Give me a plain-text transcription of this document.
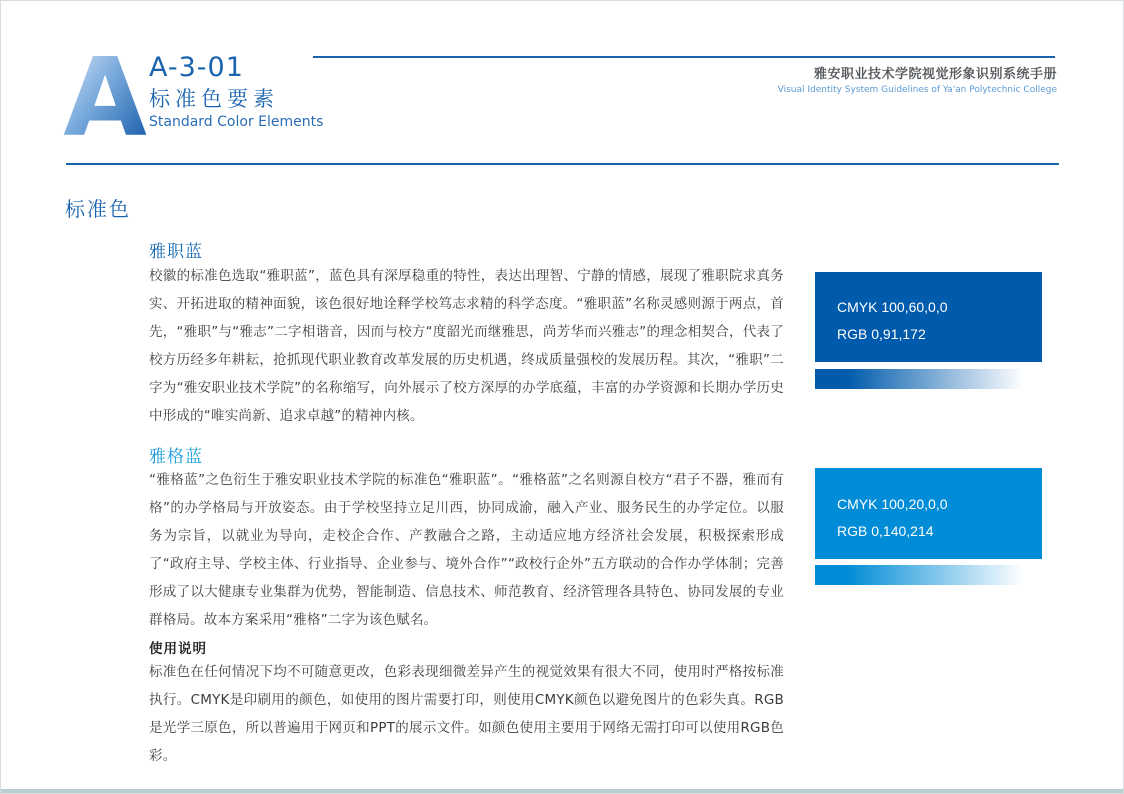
A A-3-01
标准色要素
Standard Color Elements
雅安职业技术学院视觉形象识别系统手册
Visual Identity System Guidelines of Ya'an Polytechnic College
标准色
雅职蓝
校徽的标准色选取“雅职蓝”，蓝色具有深厚稳重的特性，表达出理智、宁静的情感，展现了雅职院求真务实、开拓进取的精神面貌，该色很好地诠释学校笃志求精的科学态度。“雅职蓝”名称灵感则源于两点，首先，“雅职”与“雅志”二字相谐音，因而与校方“度韶光而继雅思，尚芳华而兴雅志”的理念相契合，代表了校方历经多年耕耘，抢抓现代职业教育改革发展的历史机遇，终成质量强校的发展历程。其次，“雅职”二字为“雅安职业技术学院”的名称缩写，向外展示了校方深厚的办学底蕴，丰富的办学资源和长期办学历史中形成的“唯实尚新、追求卓越”的精神内核。
CMYK 100,60,0,0
RGB 0,91,172
雅格蓝
“雅格蓝”之色衍生于雅安职业技术学院的标准色“雅职蓝”。“雅格蓝”之名则源自校方“君子不器，雅而有格”的办学格局与开放姿态。由于学校坚持立足川西，协同成渝，融入产业、服务民生的办学定位。以服务为宗旨，以就业为导向，走校企合作、产教融合之路，主动适应地方经济社会发展，积极探索形成了“政府主导、学校主体、行业指导、企业参与、境外合作”“政校行企外”五方联动的合作办学体制；完善形成了以大健康专业集群为优势，智能制造、信息技术、师范教育、经济管理各具特色、协同发展的专业群格局。故本方案采用“雅格”二字为该色赋名。
CMYK 100,20,0,0
RGB 0,140,214
使用说明
标准色在任何情况下均不可随意更改，色彩表现细微差异产生的视觉效果有很大不同，使用时严格按标准执行。CMYK是印刷用的颜色，如使用的图片需要打印，则使用CMYK颜色以避免图片的色彩失真。RGB是光学三原色，所以普遍用于网页和PPT的展示文件。如颜色使用主要用于网络无需打印可以使用RGB色彩。
